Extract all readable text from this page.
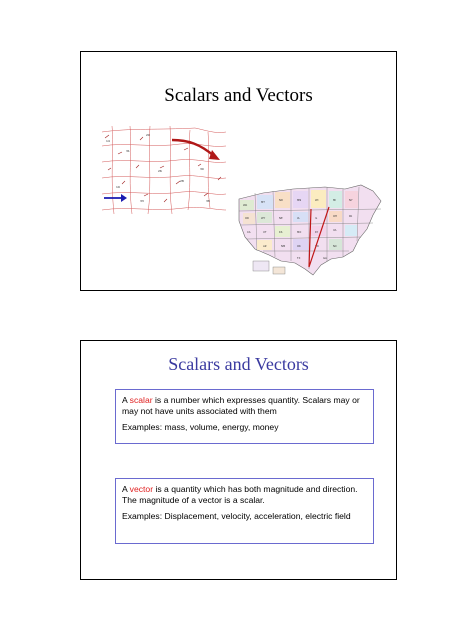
Scalars and Vectors
14
31
20
26
19
33
28
30
38
WA
MT
ND	MN	WI	MI	NY
OR	WY	NE	IA	IL
OH	PA
CA	UT	KS	MO	KY
VA
AZ	NM	OK	TN	NC
TX	GA
Scalars and Vectors

A scalar is a number which expresses quantity. Scalars may or may not have units associated with them

Examples: mass, volume, energy, money

A vector is a quantity which has both magnitude and direction. The magnitude of a vector is a scalar.

Examples: Displacement, velocity, acceleration, electric field
